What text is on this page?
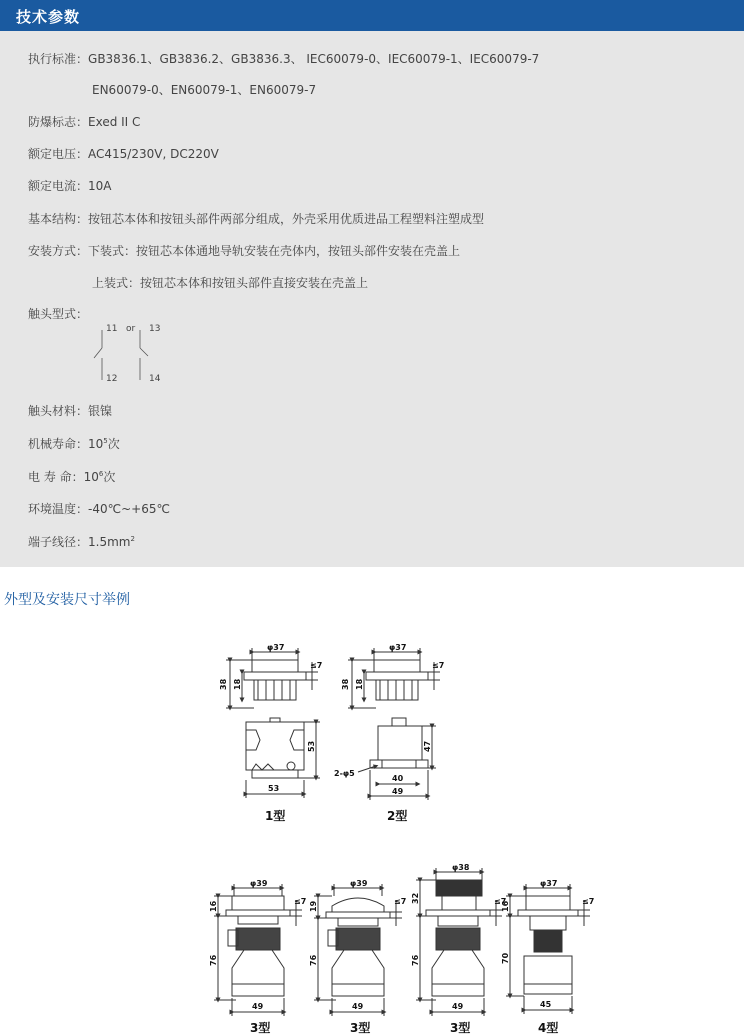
技术参数
执行标准：GB3836.1、GB3836.2、GB3836.3、 IEC60079-0、IEC60079-1、IEC60079-7
EN60079-0、EN60079-1、EN60079-7
防爆标志：Exed II C
额定电压：AC415/230V, DC220V
额定电流：10A
基本结构：按钮芯本体和按钮头部件两部分组成，外壳采用优质进品工程塑料注塑成型
安装方式：下装式：按钮芯本体通地导轨安装在壳体内，按钮头部件安装在壳盖上
上装式：按钮芯本体和按钮头部件直接安装在壳盖上
触头型式：
11 or 13
12	14
触头材料：银镍
机械寿命：$10^5$次
电 寿 命：$10^6$次
环境温度：-40℃~+65℃
端子线径：$1.5mm^2$
外型及安装尺寸举例
φ37
38 18
≤7
53
53
φ37
38 18
≤7
47
40
49
2-φ5
φ39
16
76
≤7
49
φ39
19
76
≤7
49
φ38
32
76
≤7
49
φ37
16
70
≤7
45
1型	2型
3型	3型	3型	4型
